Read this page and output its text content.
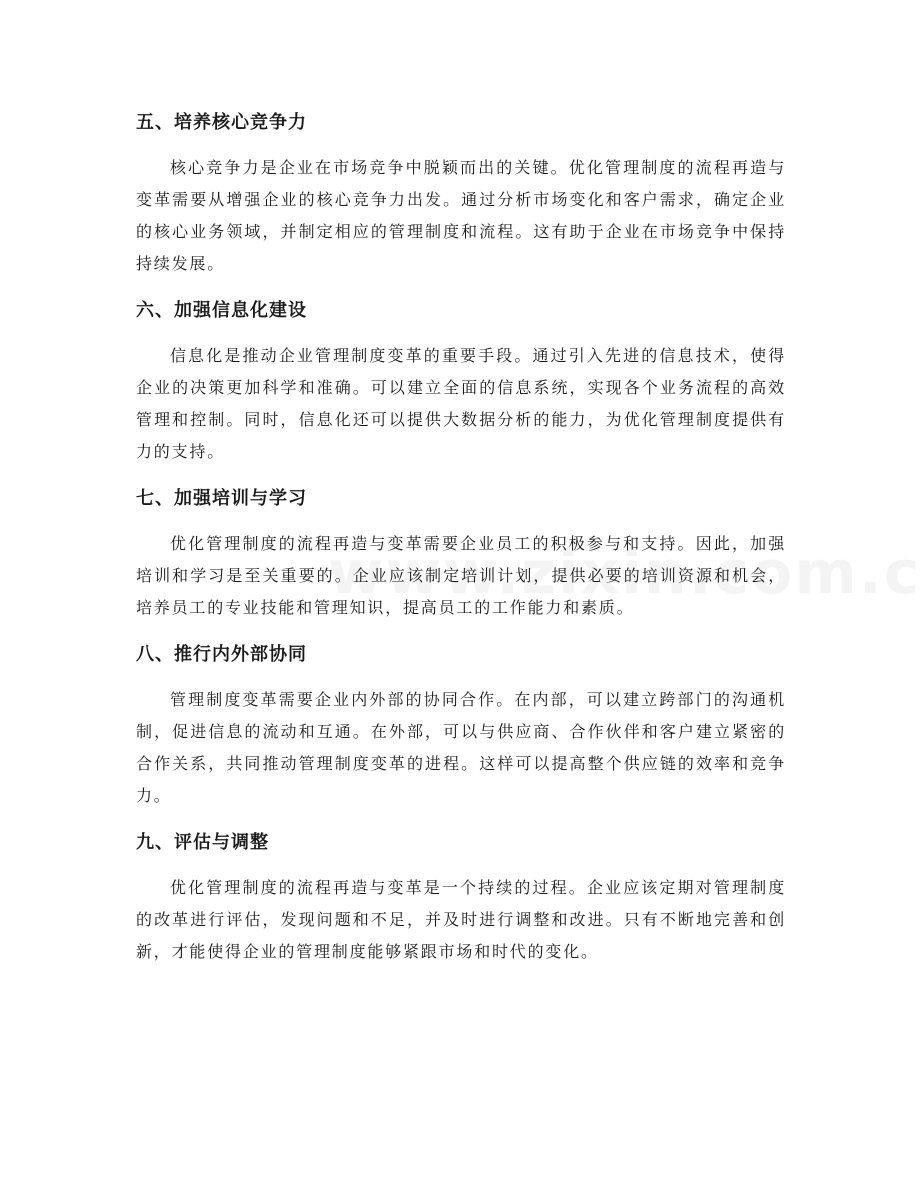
五、培养核心竞争力

核心竞争力是企业在市场竞争中脱颖而出的关键。优化管理制度的流程再造与变革需要从增强企业的核心竞争力出发。通过分析市场变化和客户需求，确定企业的核心业务领域，并制定相应的管理制度和流程。这有助于企业在市场竞争中保持持续发展。

六、加强信息化建设

信息化是推动企业管理制度变革的重要手段。通过引入先进的信息技术，使得企业的决策更加科学和准确。可以建立全面的信息系统，实现各个业务流程的高效管理和控制。同时，信息化还可以提供大数据分析的能力，为优化管理制度提供有力的支持。

七、加强培训与学习

优化管理制度的流程再造与变革需要企业员工的积极参与和支持。因此，加强培训和学习是至关重要的。企业应该制定培训计划，提供必要的培训资源和机会，培养员工的专业技能和管理知识，提高员工的工作能力和素质。

八、推行内外部协同

管理制度变革需要企业内外部的协同合作。在内部，可以建立跨部门的沟通机制，促进信息的流动和互通。在外部，可以与供应商、合作伙伴和客户建立紧密的合作关系，共同推动管理制度变革的进程。这样可以提高整个供应链的效率和竞争力。

九、评估与调整

优化管理制度的流程再造与变革是一个持续的过程。企业应该定期对管理制度的改革进行评估，发现问题和不足，并及时进行调整和改进。只有不断地完善和创新，才能使得企业的管理制度能够紧跟市场和时代的变化。
